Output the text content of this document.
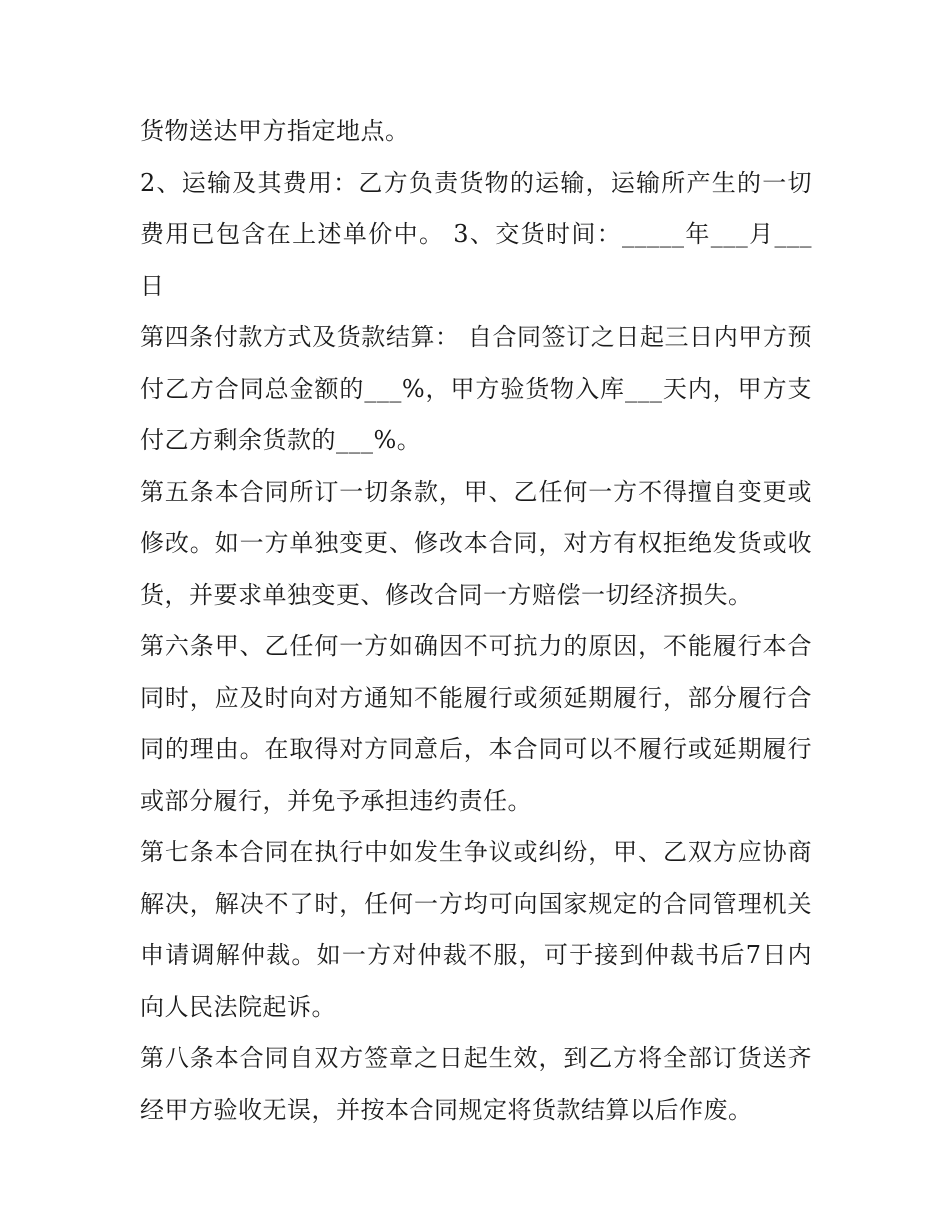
货物送达甲方指定地点。

2、运输及其费用：乙方负责货物的运输，运输所产生的一切费用已包含在上述单价中。 3、交货时间：_____年___月___日

第四条付款方式及货款结算： 自合同签订之日起三日内甲方预付乙方合同总金额的___%，甲方验货物入库___天内，甲方支付乙方剩余货款的___%。

第五条本合同所订一切条款，甲、乙任何一方不得擅自变更或修改。如一方单独变更、修改本合同，对方有权拒绝发货或收货，并要求单独变更、修改合同一方赔偿一切经济损失。

第六条甲、乙任何一方如确因不可抗力的原因，不能履行本合同时，应及时向对方通知不能履行或须延期履行，部分履行合同的理由。在取得对方同意后，本合同可以不履行或延期履行或部分履行，并免予承担违约责任。

第七条本合同在执行中如发生争议或纠纷，甲、乙双方应协商解决，解决不了时，任何一方均可向国家规定的合同管理机关申请调解仲裁。如一方对仲裁不服，可于接到仲裁书后7日内向人民法院起诉。

第八条本合同自双方签章之日起生效，到乙方将全部订货送齐经甲方验收无误，并按本合同规定将货款结算以后作废。
